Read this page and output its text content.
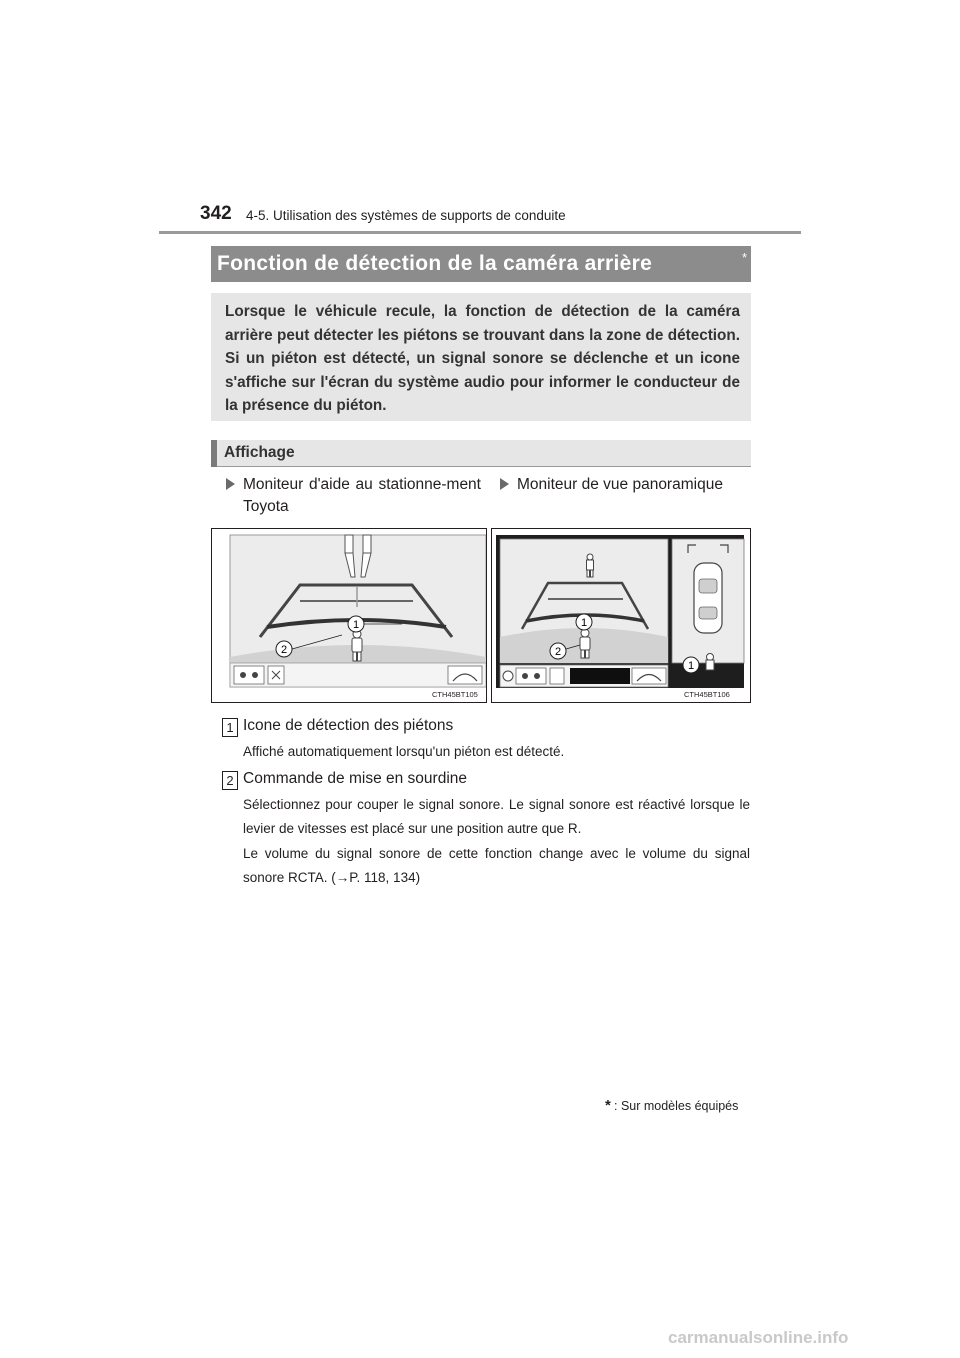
342 4-5. Utilisation des systèmes de supports de conduite
Fonction de détection de la caméra arrière	*
Lorsque le véhicule recule, la fonction de détection de la caméra arrière peut détecter les piétons se trouvant dans la zone de détection. Si un piéton est détecté, un signal sonore se déclenche et un icone s'affiche sur l'écran du système audio pour informer le conducteur de la présence du piéton.
Affichage
Moniteur d'aide au stationne-ment Toyota
Moniteur de vue panoramique
1
2
CTH45BT105
1
2
1
CTH45BT106
1 Icone de détection des piétons
Affiché automatiquement lorsqu'un piéton est détecté.
2 Commande de mise en sourdine
Sélectionnez pour couper le signal sonore. Le signal sonore est réactivé lorsque le levier de vitesses est placé sur une position autre que R.
Le volume du signal sonore de cette fonction change avec le volume du signal sonore RCTA. (→P. 118, 134)
* : Sur modèles équipés
carmanualsonline.info
